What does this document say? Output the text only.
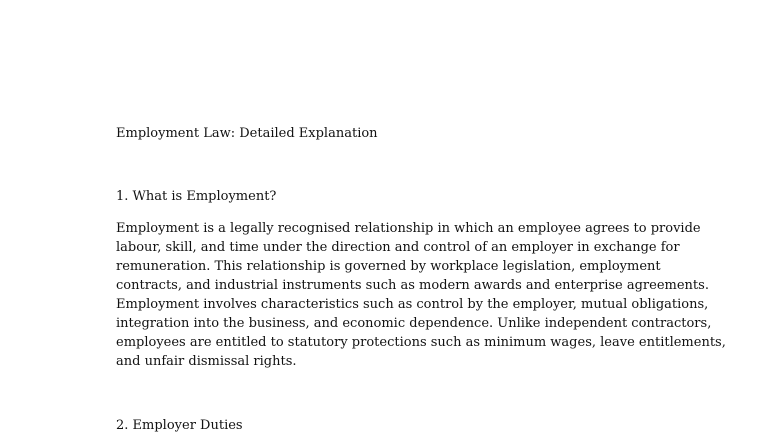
Employment Law: Detailed Explanation
1. What is Employment?
Employment is a legally recognised relationship in which an employee agrees to provide
labour, skill, and time under the direction and control of an employer in exchange for
remuneration. This relationship is governed by workplace legislation, employment
contracts, and industrial instruments such as modern awards and enterprise agreements.
Employment involves characteristics such as control by the employer, mutual obligations,
integration into the business, and economic dependence. Unlike independent contractors,
employees are entitled to statutory protections such as minimum wages, leave entitlements,
and unfair dismissal rights.
2. Employer Duties
